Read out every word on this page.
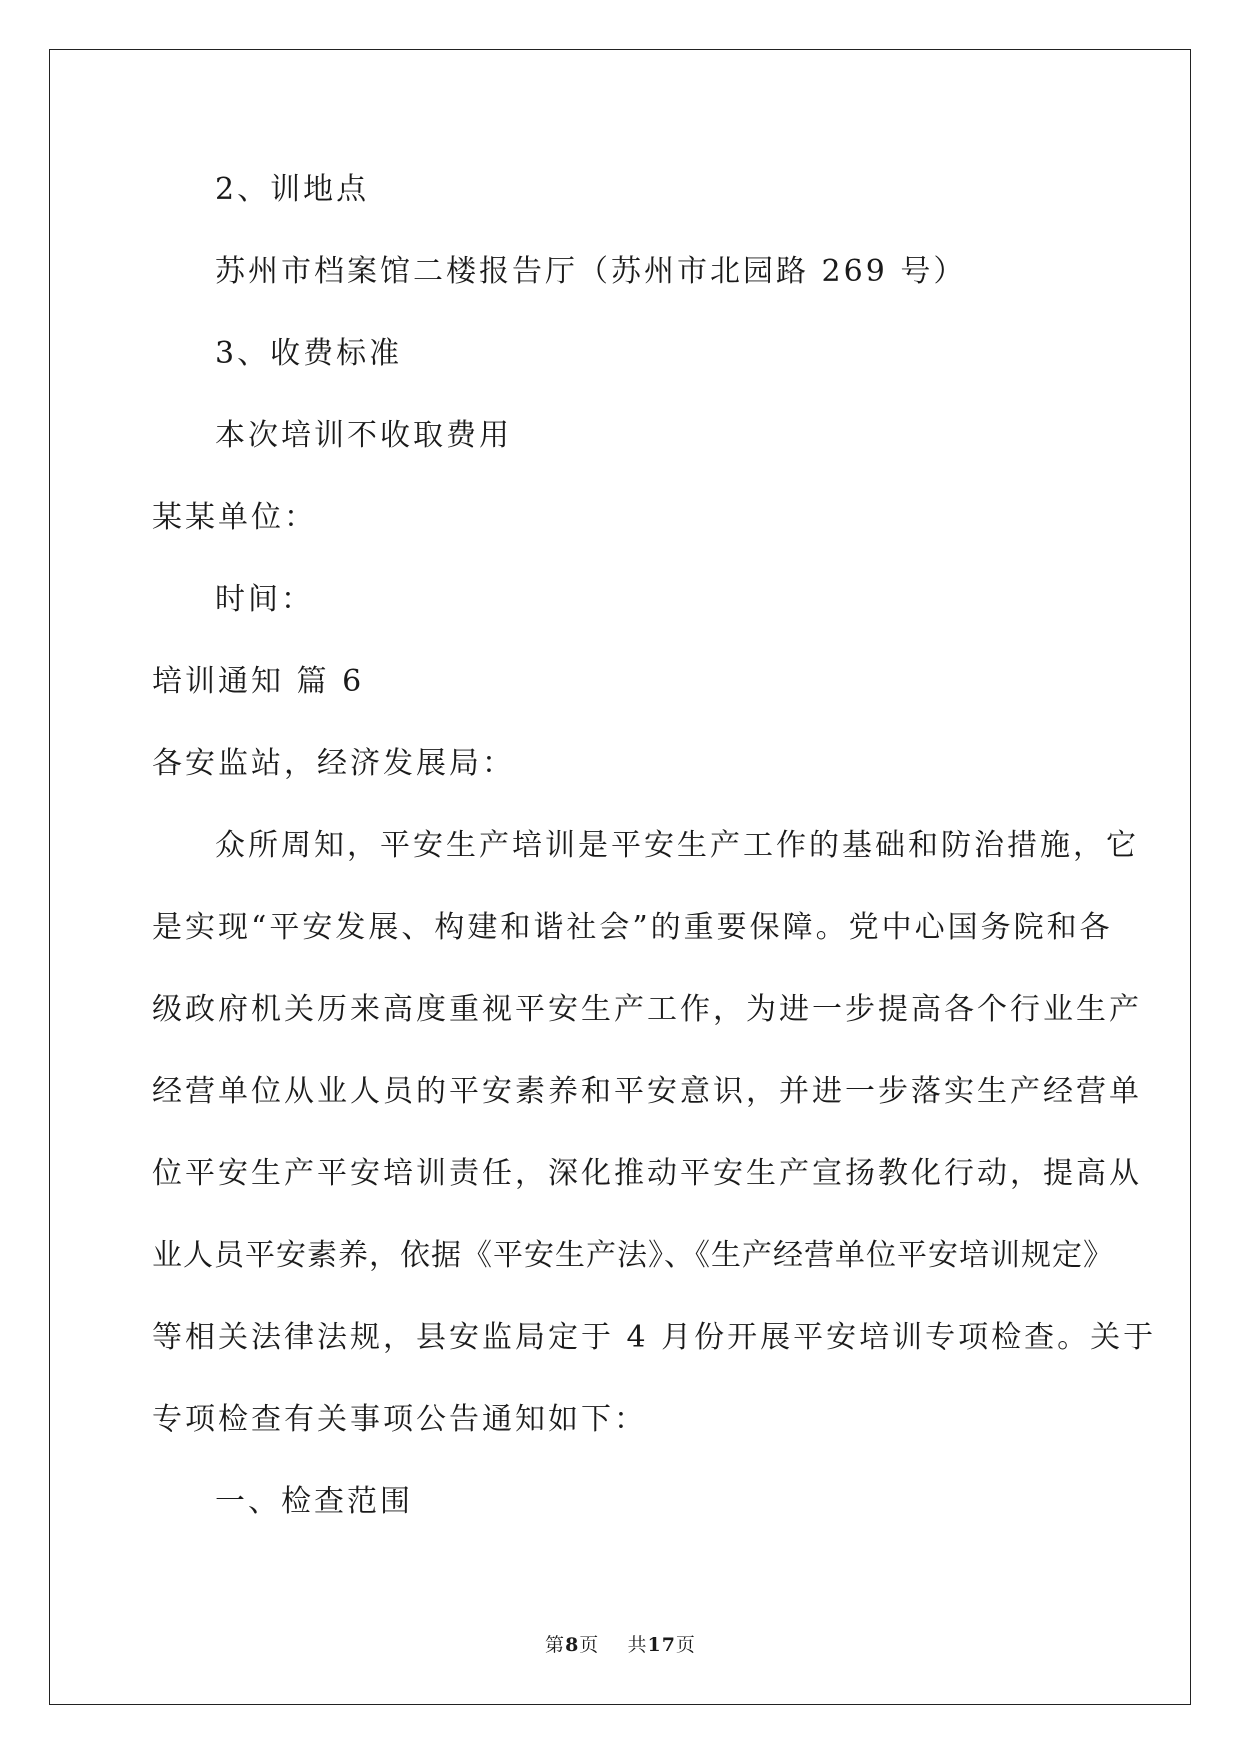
2、训地点
苏州市档案馆二楼报告厅（苏州市北园路 269 号）
3、收费标准
本次培训不收取费用
某某单位：
时间：
培训通知 篇 6
各安监站，经济发展局：
众所周知，平安生产培训是平安生产工作的基础和防治措施，它
是实现“平安发展、构建和谐社会”的重要保障。党中心国务院和各
级政府机关历来高度重视平安生产工作，为进一步提高各个行业生产
经营单位从业人员的平安素养和平安意识，并进一步落实生产经营单
位平安生产平安培训责任，深化推动平安生产宣扬教化行动，提高从
业人员平安素养，依据《平安生产法》、《生产经营单位平安培训规定》
等相关法律法规，县安监局定于 4 月份开展平安培训专项检查。关于
专项检查有关事项公告通知如下：
一、检查范围
第8页    共17页
